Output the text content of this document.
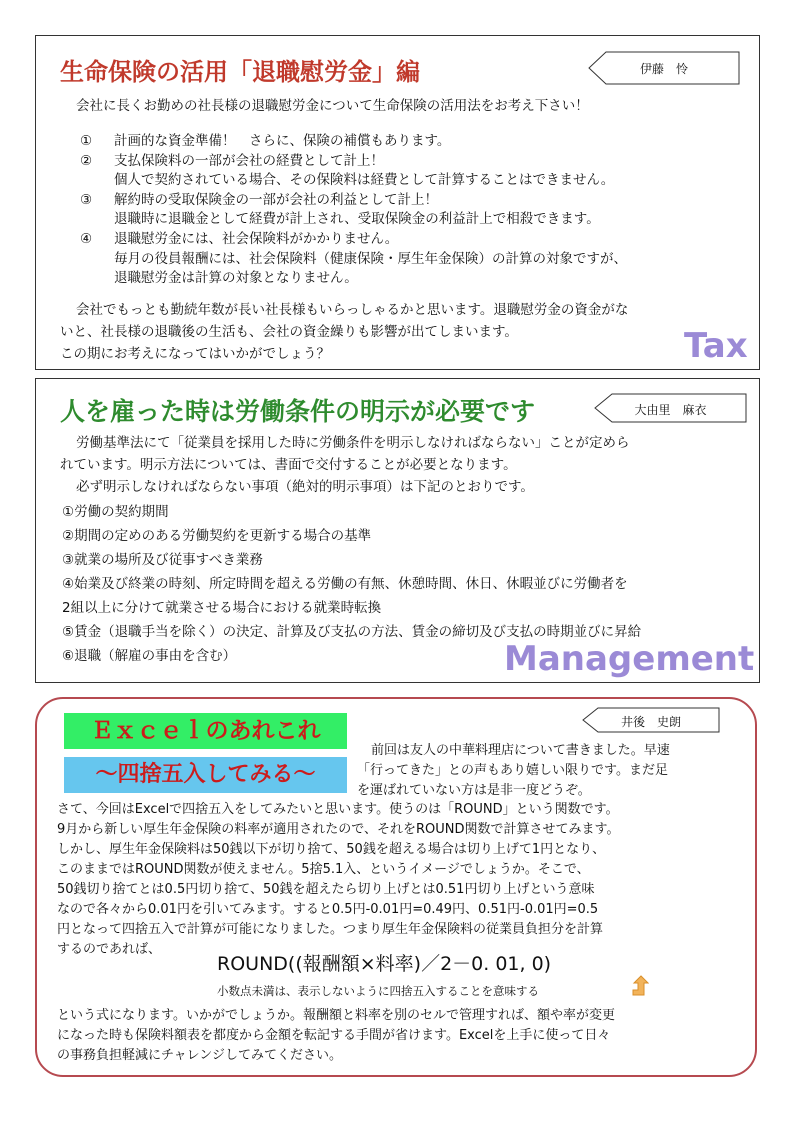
生命保険の活用「退職慰労金」編	伊藤　怜
会社に長くお勤めの社長様の退職慰労金について生命保険の活用法をお考え下さい！
①	計画的な資金準備！　さらに、保険の補償もあります。
②	支払保険料の一部が会社の経費として計上！
個人で契約されている場合、その保険料は経費として計算することはできません。
③	解約時の受取保険金の一部が会社の利益として計上！
退職時に退職金として経費が計上され、受取保険金の利益計上で相殺できます。
④	退職慰労金には、社会保険料がかかりません。
毎月の役員報酬には、社会保険料（健康保険・厚生年金保険）の計算の対象ですが、
退職慰労金は計算の対象となりません。
会社でもっとも勤続年数が長い社長様もいらっしゃるかと思います。退職慰労金の資金がな
いと、社長様の退職後の生活も、会社の資金繰りも影響が出てしまいます。
この期にお考えになってはいかがでしょう？	Tax
人を雇った時は労働条件の明示が必要です	大由里　麻衣
労働基準法にて「従業員を採用した時に労働条件を明示しなければならない」ことが定めら
れています。明示方法については、書面で交付することが必要となります。
必ず明示しなければならない事項（絶対的明示事項）は下記のとおりです。
①労働の契約期間
②期間の定めのある労働契約を更新する場合の基準
③就業の場所及び従事すべき業務
④始業及び終業の時刻、所定時間を超える労働の有無、休憩時間、休日、休暇並びに労働者を
2組以上に分けて就業させる場合における就業時転換
⑤賃金（退職手当を除く）の決定、計算及び支払の方法、賃金の締切及び支払の時期並びに昇給
⑥退職（解雇の事由を含む）	Management
Ｅｘｃｅｌのあれこれ
～四捨五入してみる～
井後　史朗
前回は友人の中華料理店について書きました。早速
「行ってきた」との声もあり嬉しい限りです。まだ足
を運ばれていない方は是非一度どうぞ。
さて、今回はExcelで四捨五入をしてみたいと思います。使うのは「ROUND」という関数です。
9月から新しい厚生年金保険の料率が適用されたので、それをROUND関数で計算させてみます。
しかし、厚生年金保険料は50銭以下が切り捨て、50銭を超える場合は切り上げて1円となり、
このままではROUND関数が使えません。5捨5.1入、というイメージでしょうか。そこで、
50銭切り捨てとは0.5円切り捨て、50銭を超えたら切り上げとは0.51円切り上げという意味
なので各々から0.01円を引いてみます。すると0.5円-0.01円=0.49円、0.51円-0.01円=0.5
円となって四捨五入で計算が可能になりました。つまり厚生年金保険料の従業員負担分を計算
するのであれば、
ROUND((報酬額×料率)／2－0. 01, 0)
小数点未満は、表示しないように四捨五入することを意味する
という式になります。いかがでしょうか。報酬額と料率を別のセルで管理すれば、額や率が変更
になった時も保険料額表を都度から金額を転記する手間が省けます。Excelを上手に使って日々
の事務負担軽減にチャレンジしてみてください。
